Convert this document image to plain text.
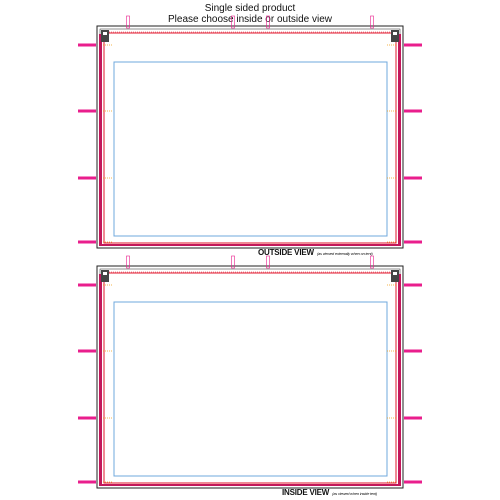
Single sided product
Please choose inside or outside view
OUTSIDE VIEW (as viewed externally when on tent)
INSIDE VIEW (as viewed when inside tent)
